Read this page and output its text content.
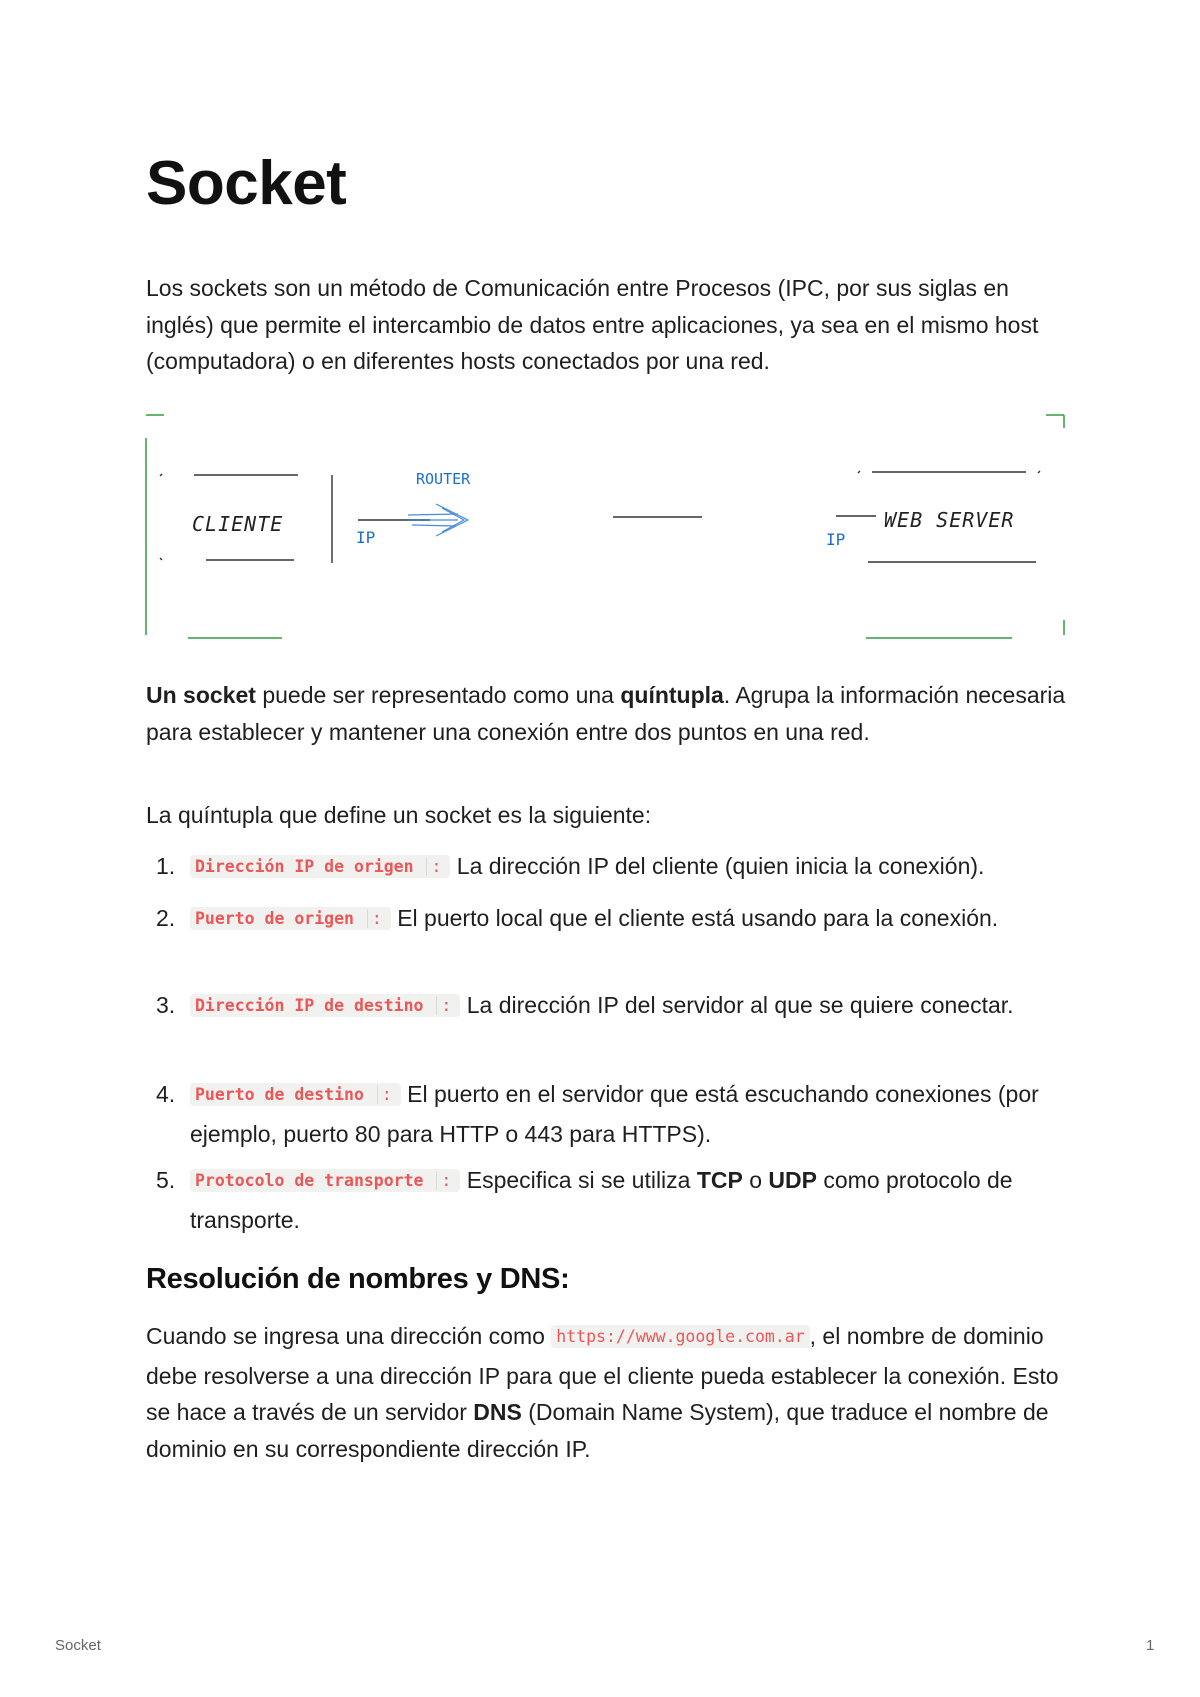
Socket

Los sockets son un método de Comunicación entre Procesos (IPC, por sus siglas en inglés) que permite el intercambio de datos entre aplicaciones, ya sea en el mismo host (computadora) o en diferentes hosts conectados por una red.

CLIENTE
ROUTER
IP	IP
WEB SERVER

Un socket puede ser representado como una quíntupla. Agrupa la información necesaria para establecer y mantener una conexión entre dos puntos en una red.

La quíntupla que define un socket es la siguiente:

1.	Dirección IP de origen : La dirección IP del cliente (quien inicia la conexión).
2.	Puerto de origen : El puerto local que el cliente está usando para la conexión.
3.	Dirección IP de destino : La dirección IP del servidor al que se quiere conectar.
4.	Puerto de destino : El puerto en el servidor que está escuchando conexiones (por ejemplo, puerto 80 para HTTP o 443 para HTTPS).
5.	Protocolo de transporte : Especifica si se utiliza TCP o UDP como protocolo de transporte.
Resolución de nombres y DNS:

Cuando se ingresa una dirección como https://www.google.com.ar , el nombre de dominio debe resolverse a una dirección IP para que el cliente pueda establecer la conexión. Esto se hace a través de un servidor DNS (Domain Name System), que traduce el nombre de dominio en su correspondiente dirección IP.

Socket	1
